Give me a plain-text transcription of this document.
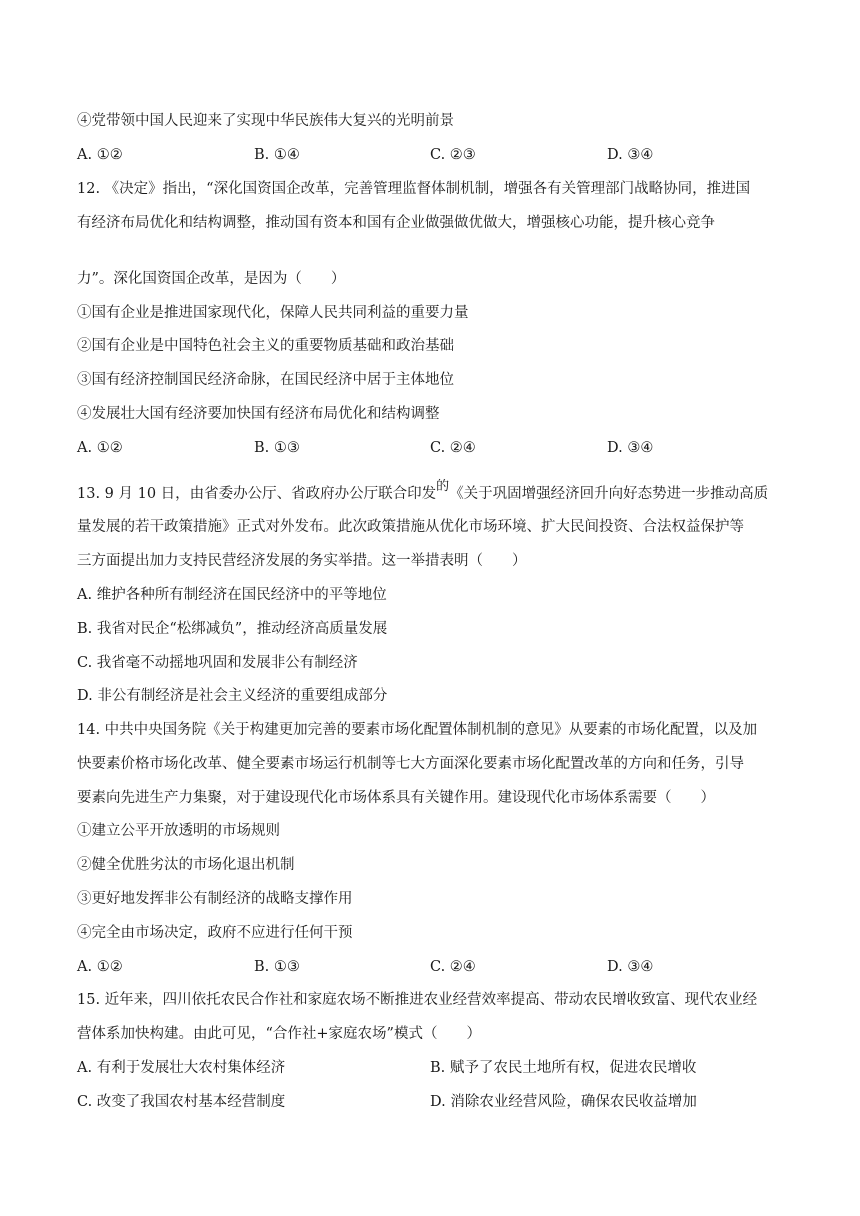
④党带领中国人民迎来了实现中华民族伟大复兴的光明前景
A. ①②	B. ①④	C. ②③	D. ③④
12. 《决定》指出，“深化国资国企改革，完善管理监督体制机制，增强各有关管理部门战略协同，推进国
有经济布局优化和结构调整，推动国有资本和国有企业做强做优做大，增强核心功能，提升核心竞争
力”。深化国资国企改革，是因为（　　）
①国有企业是推进国家现代化，保障人民共同利益的重要力量
②国有企业是中国特色社会主义的重要物质基础和政治基础
③国有经济控制国民经济命脉，在国民经济中居于主体地位
④发展壮大国有经济要加快国有经济布局优化和结构调整
A. ①②	B. ①③	C. ②④	D. ③④
13. 9 月 10 日，由省委办公厅、省政府办公厅联合印发的《关于巩固增强经济回升向好态势进一步推动高质
量发展的若干政策措施》正式对外发布。此次政策措施从优化市场环境、扩大民间投资、合法权益保护等
三方面提出加力支持民营经济发展的务实举措。这一举措表明（　　）
A. 维护各种所有制经济在国民经济中的平等地位
B. 我省对民企“松绑减负”，推动经济高质量发展
C. 我省毫不动摇地巩固和发展非公有制经济
D. 非公有制经济是社会主义经济的重要组成部分
14. 中共中央国务院《关于构建更加完善的要素市场化配置体制机制的意见》从要素的市场化配置，以及加
快要素价格市场化改革、健全要素市场运行机制等七大方面深化要素市场化配置改革的方向和任务，引导
要素向先进生产力集聚，对于建设现代化市场体系具有关键作用。建设现代化市场体系需要（　　）
①建立公平开放透明的市场规则
②健全优胜劣汰的市场化退出机制
③更好地发挥非公有制经济的战略支撑作用
④完全由市场决定，政府不应进行任何干预
A. ①②	B. ①③	C. ②④	D. ③④
15. 近年来，四川依托农民合作社和家庭农场不断推进农业经营效率提高、带动农民增收致富、现代农业经
营体系加快构建。由此可见，“合作社+家庭农场”模式（　　）
A. 有利于发展壮大农村集体经济	B. 赋予了农民土地所有权，促进农民增收
C. 改变了我国农村基本经营制度	D. 消除农业经营风险，确保农民收益增加
